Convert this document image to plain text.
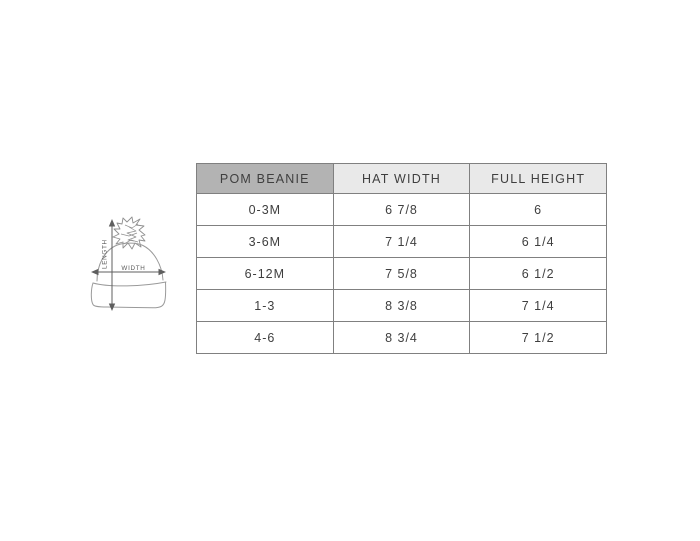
LENGTH WIDTH
POM BEANIE	HAT WIDTH	FULL HEIGHT
0-3M	6 7/8	6
3-6M	7 1/4	6 1/4
6-12M	7 5/8	6 1/2
1-3	8 3/8	7 1/4
4-6	8 3/4	7 1/2
